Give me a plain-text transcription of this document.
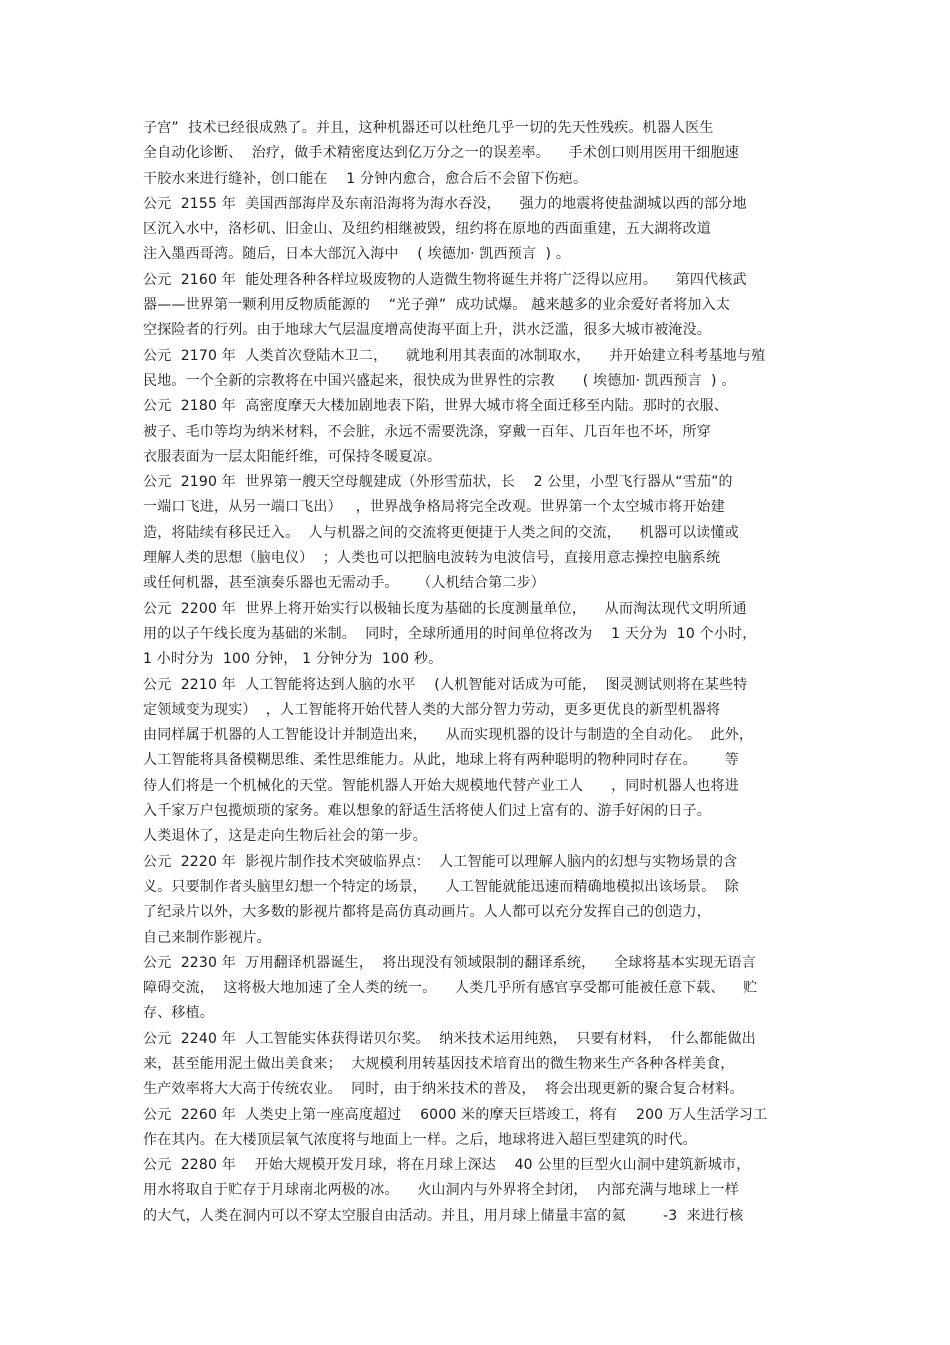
子宫”  技术已经很成熟了。并且，这种机器还可以杜绝几乎一切的先天性残疾。机器人医生
全自动化诊断、  治疗，做手术精密度达到亿万分之一的误差率。    手术创口则用医用干细胞速
干胶水来进行缝补，创口能在    1 分钟内愈合，愈合后不会留下伤疤。
公元  2155 年  美国西部海岸及东南沿海将为海水吞没，    强力的地震将使盐湖城以西的部分地
区沉入水中，洛杉矶、旧金山、及纽约相继被毁，纽约将在原地的西面重建，五大湖将改道
注入墨西哥湾。随后，日本大部沉入海中    ( 埃德加· 凯西预言  ) 。
公元  2160 年  能处理各种各样垃圾废物的人造微生物将诞生并将广泛得以应用。    第四代核武
器——世界第一颗利用反物质能源的    “光子弹”  成功试爆。 越来越多的业余爱好者将加入太
空探险者的行列。由于地球大气层温度增高使海平面上升，洪水泛滥，很多大城市被淹没。
公元  2170 年  人类首次登陆木卫二，    就地利用其表面的冰制取水，    并开始建立科考基地与殖
民地。一个全新的宗教将在中国兴盛起来，很快成为世界性的宗教      ( 埃德加· 凯西预言  ) 。
公元  2180 年  高密度摩天大楼加剧地表下陷，世界大城市将全面迁移至内陆。那时的衣服、
被子、毛巾等均为纳米材料，不会脏，永远不需要洗涤，穿戴一百年、几百年也不坏，所穿
衣服表面为一层太阳能纤维，可保持冬暖夏凉。
公元  2190 年  世界第一艘天空母舰建成（外形雪茄状，长    2 公里，小型飞行器从“雪茄”的
一端口飞进，从另一端口飞出）   ，世界战争格局将完全改观。世界第一个太空城市将开始建
造，将陆续有移民迁入。  人与机器之间的交流将更便捷于人类之间的交流，    机器可以读懂或
理解人类的思想（脑电仪）  ；人类也可以把脑电波转为电波信号，直接用意志操控电脑系统
或任何机器，甚至演奏乐器也无需动手。    （人机结合第二步）
公元  2200 年  世界上将开始实行以极轴长度为基础的长度测量单位，    从而淘汰现代文明所通
用的以子午线长度为基础的米制。  同时，全球所通用的时间单位将改为    1 天分为  10 个小时，
1 小时分为  100 分钟， 1 分钟分为  100 秒。
公元  2210 年  人工智能将达到人脑的水平    (人机智能对话成为可能，  图灵测试则将在某些特
定领域变为现实）  ，人工智能将开始代替人类的大部分智力劳动，更多更优良的新型机器将
由同样属于机器的人工智能设计并制造出来，    从而实现机器的设计与制造的全自动化。  此外，
人工智能将具备模糊思维、柔性思维能力。从此，地球上将有两种聪明的物种同时存在。      等
待人们将是一个机械化的天堂。智能机器人开始大规模地代替产业工人      ，同时机器人也将进
入千家万户包揽烦琐的家务。难以想象的舒适生活将使人们过上富有的、游手好闲的日子。
人类退休了，这是走向生物后社会的第一步。
公元  2220 年  影视片制作技术突破临界点：  人工智能可以理解人脑内的幻想与实物场景的含
义。只要制作者头脑里幻想一个特定的场景，    人工智能就能迅速而精确地模拟出该场景。  除
了纪录片以外，大多数的影视片都将是高仿真动画片。人人都可以充分发挥自己的创造力，
自己来制作影视片。
公元  2230 年  万用翻译机器诞生，  将出现没有领域限制的翻译系统，    全球将基本实现无语言
障碍交流，  这将极大地加速了全人类的统一。    人类几乎所有感官享受都可能被任意下载、    贮
存、移植。
公元  2240 年  人工智能实体获得诺贝尔奖。  纳米技术运用纯熟，  只要有材料，  什么都能做出
来，甚至能用泥土做出美食来；  大规模利用转基因技术培育出的微生物来生产各种各样美食，
生产效率将大大高于传统农业。  同时，由于纳米技术的普及，  将会出现更新的聚合复合材料。
公元  2260 年  人类史上第一座高度超过    6000 米的摩天巨塔竣工，将有    200 万人生活学习工
作在其内。在大楼顶层氧气浓度将与地面上一样。之后，地球将进入超巨型建筑的时代。
公元  2280 年    开始大规模开发月球，将在月球上深达    40 公里的巨型火山洞中建筑新城市，
用水将取自于贮存于月球南北两极的冰。    火山洞内与外界将全封闭，  内部充满与地球上一样
的大气，人类在洞内可以不穿太空服自由活动。并且，用月球上储量丰富的氦        -3  来进行核
